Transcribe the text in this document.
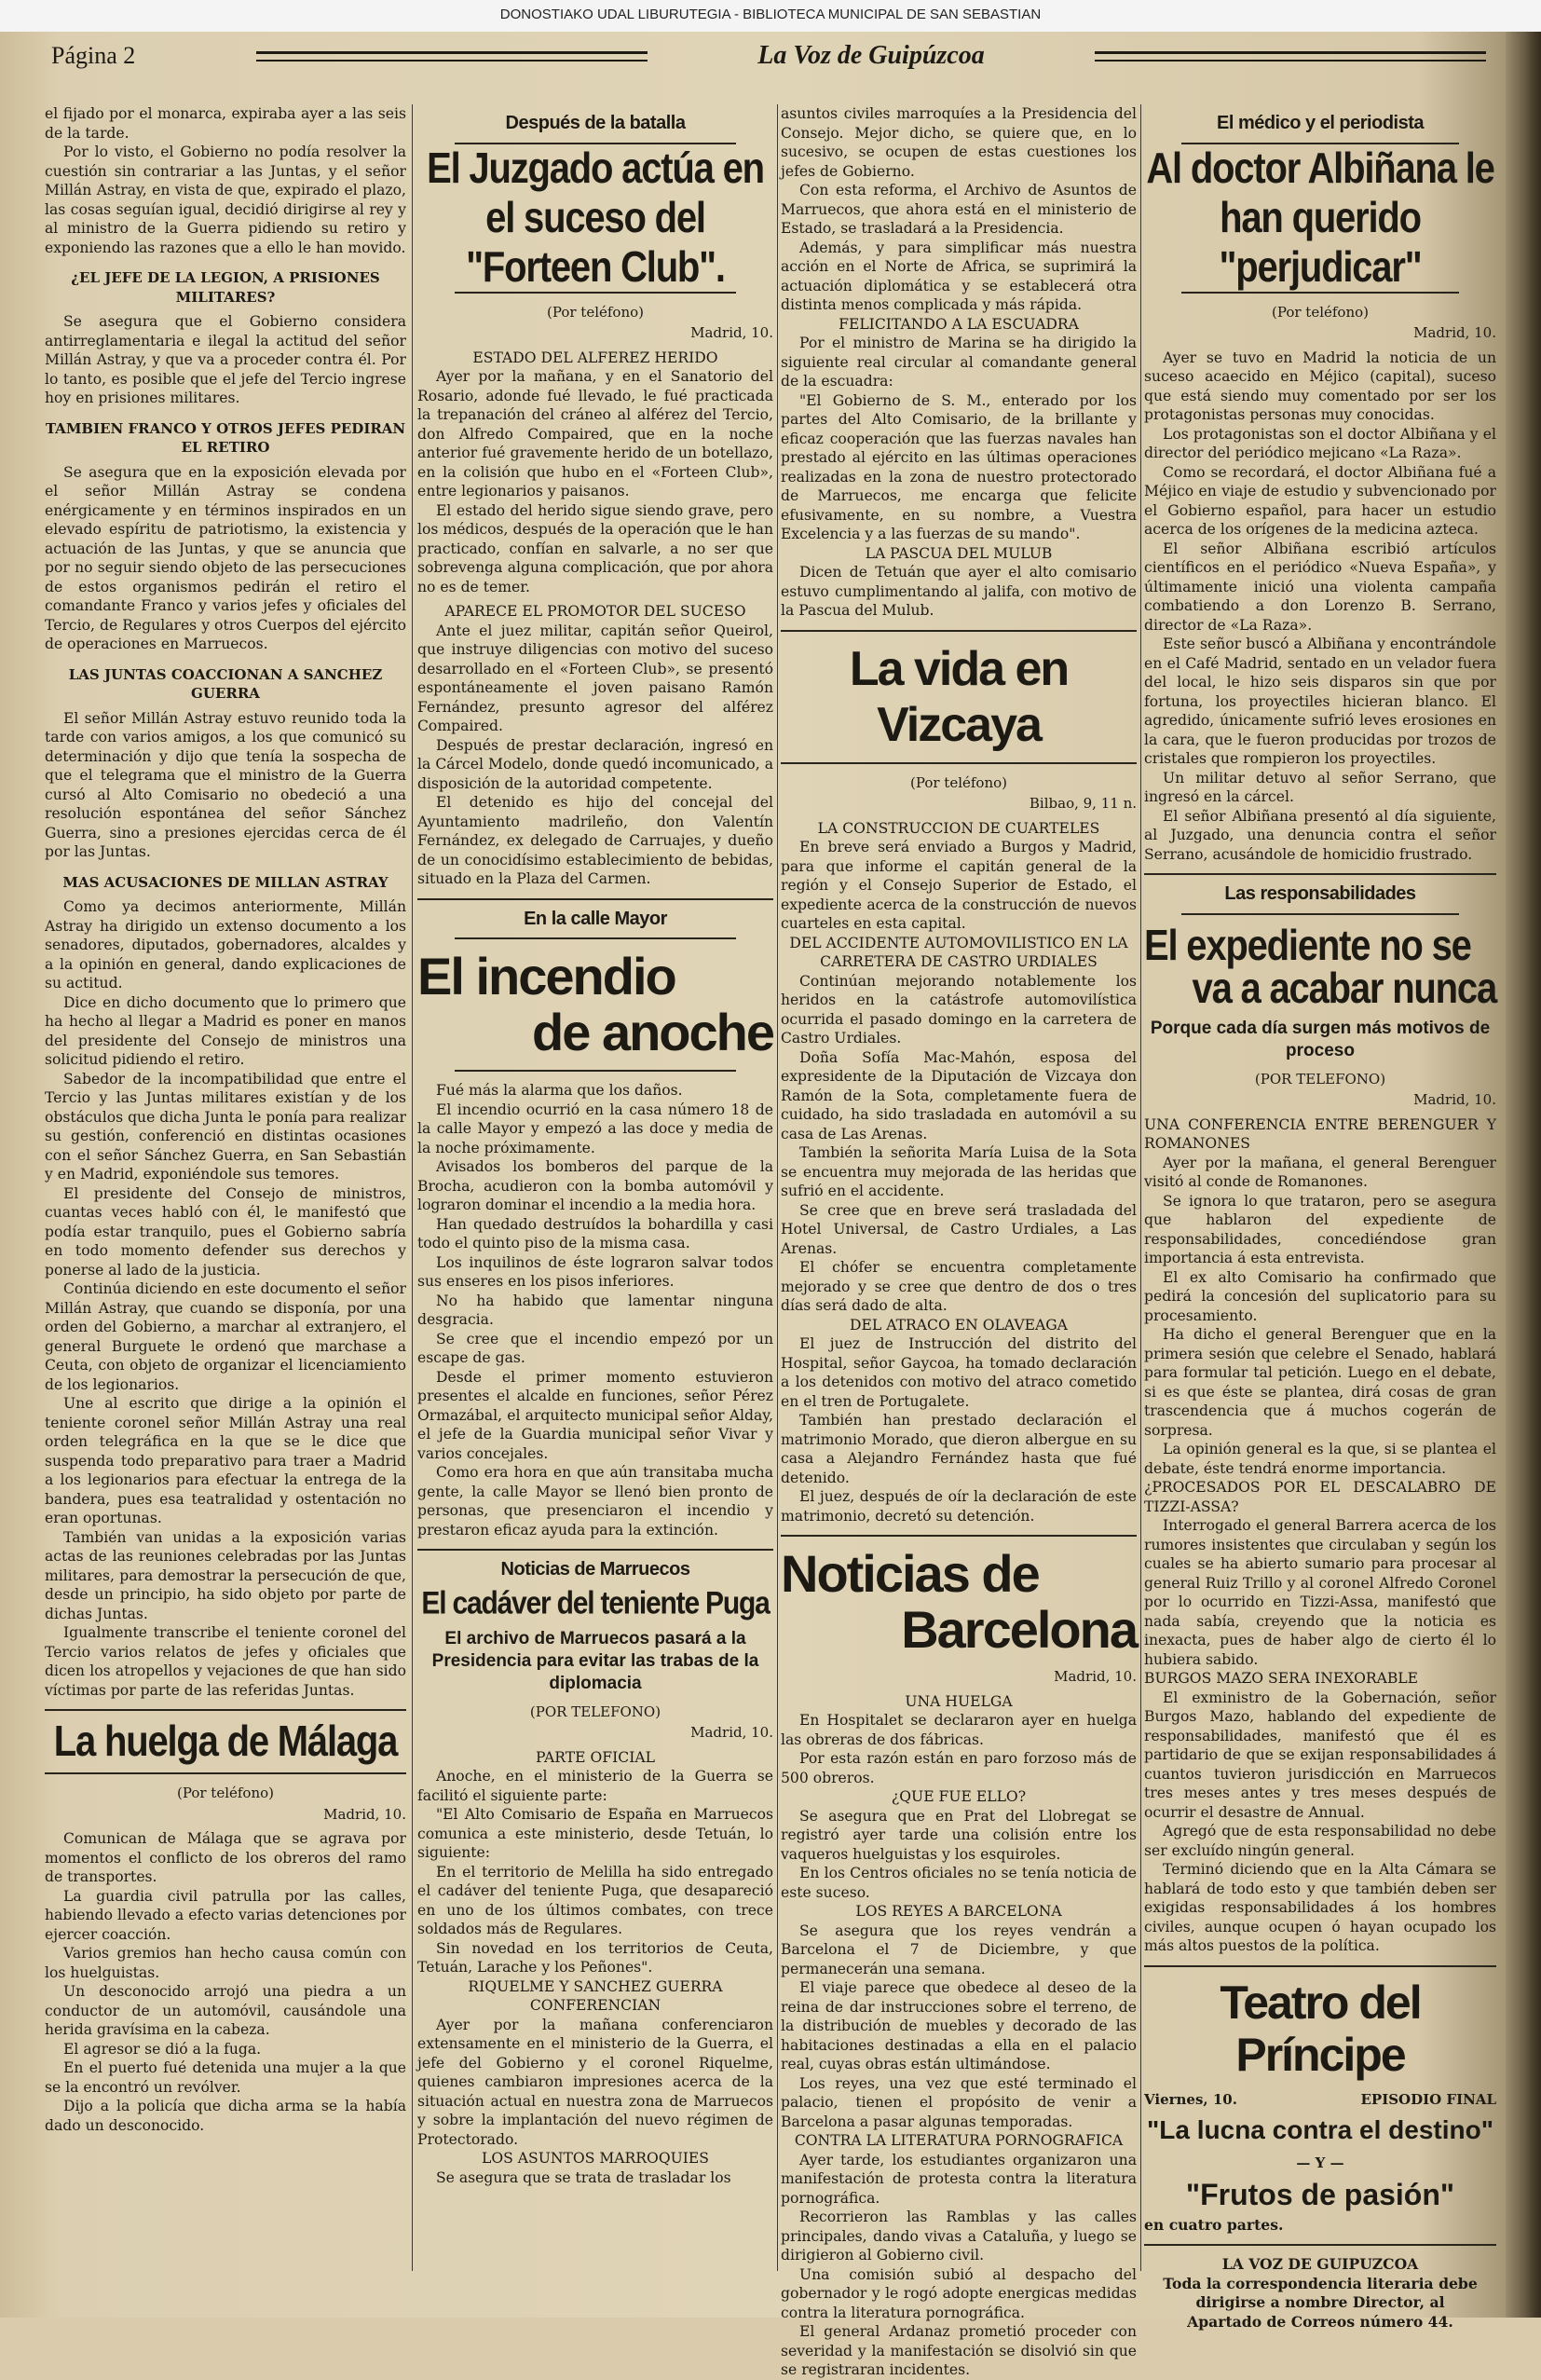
DONOSTIAKO UDAL LIBURUTEGIA - BIBLIOTECA MUNICIPAL DE SAN SEBASTIAN
Página 2	La Voz de Guipúzcoa

el fijado por el monarca, expiraba ayer a las seis de la tarde.

Por lo visto, el Gobierno no podía resolver la cuestión sin contrariar a las Juntas, y el señor Millán Astray, en vista de que, expirado el plazo, las cosas seguían igual, decidió dirigirse al rey y al ministro de la Guerra pidiendo su retiro y exponiendo las razones que a ello le han movido.

¿EL JEFE DE LA LEGION, A PRISIONES MILITARES?

Se asegura que el Gobierno considera antirreglamentaria e ilegal la actitud del señor Millán Astray, y que va a proceder contra él. Por lo tanto, es posible que el jefe del Tercio ingrese hoy en prisiones militares.

TAMBIEN FRANCO Y OTROS JEFES PEDIRAN EL RETIRO

Se asegura que en la exposición elevada por el señor Millán Astray se condena enérgicamente y en términos inspirados en un elevado espíritu de patriotismo, la existencia y actuación de las Juntas, y que se anuncia que por no seguir siendo objeto de las persecuciones de estos organismos pedirán el retiro el comandante Franco y varios jefes y oficiales del Tercio, de Regulares y otros Cuerpos del ejército de operaciones en Marruecos.

LAS JUNTAS COACCIONAN A SANCHEZ GUERRA

El señor Millán Astray estuvo reunido toda la tarde con varios amigos, a los que comunicó su determinación y dijo que tenía la sospecha de que el telegrama que el ministro de la Guerra cursó al Alto Comisario no obedeció a una resolución espontánea del señor Sánchez Guerra, sino a presiones ejercidas cerca de él por las Juntas.

MAS ACUSACIONES DE MILLAN ASTRAY

Como ya decimos anteriormente, Millán Astray ha dirigido un extenso documento a los senadores, diputados, gobernadores, alcaldes y a la opinión en general, dando explicaciones de su actitud.

Dice en dicho documento que lo primero que ha hecho al llegar a Madrid es poner en manos del presidente del Consejo de ministros una solicitud pidiendo el retiro.

Sabedor de la incompatibilidad que entre el Tercio y las Juntas militares existían y de los obstáculos que dicha Junta le ponía para realizar su gestión, conferenció en distintas ocasiones con el señor Sánchez Guerra, en San Sebastián y en Madrid, exponiéndole sus temores.

El presidente del Consejo de ministros, cuantas veces habló con él, le manifestó que podía estar tranquilo, pues el Gobierno sabría en todo momento defender sus derechos y ponerse al lado de la justicia.

Continúa diciendo en este documento el señor Millán Astray, que cuando se disponía, por una orden del Gobierno, a marchar al extranjero, el general Burguete le ordenó que marchase a Ceuta, con objeto de organizar el licenciamiento de los legionarios.

Une al escrito que dirige a la opinión el teniente coronel señor Millán Astray una real orden telegráfica en la que se le dice que suspenda todo preparativo para traer a Madrid a los legionarios para efectuar la entrega de la bandera, pues esa teatralidad y ostentación no eran oportunas.

También van unidas a la exposición varias actas de las reuniones celebradas por las Juntas militares, para demostrar la persecución de que, desde un principio, ha sido objeto por parte de dichas Juntas.

Igualmente transcribe el teniente coronel del Tercio varios relatos de jefes y oficiales que dicen los atropellos y vejaciones de que han sido víctimas por parte de las referidas Juntas.

La huelga de Málaga
(Por teléfono)
Madrid, 10.

Comunican de Málaga que se agrava por momentos el conflicto de los obreros del ramo de transportes.

La guardia civil patrulla por las calles, habiendo llevado a efecto varias detenciones por ejercer coacción.

Varios gremios han hecho causa común con los huelguistas.

Un desconocido arrojó una piedra a un conductor de un automóvil, causándole una herida gravísima en la cabeza.

El agresor se dió a la fuga.

En el puerto fué detenida una mujer a la que se la encontró un revólver.

Dijo a la policía que dicha arma se la había dado un desconocido.

Después de la batalla
El Juzgado actúa en el suceso del "Forteen Club".
(Por teléfono)
Madrid, 10.

ESTADO DEL ALFEREZ HERIDO

Ayer por la mañana, y en el Sanatorio del Rosario, adonde fué llevado, le fué practicada la trepanación del cráneo al alférez del Tercio, don Alfredo Compaired, que en la noche anterior fué gravemente herido de un botellazo, en la colisión que hubo en el «Forteen Club», entre legionarios y paisanos.

El estado del herido sigue siendo grave, pero los médicos, después de la operación que le han practicado, confían en salvarle, a no ser que sobrevenga alguna complicación, que por ahora no es de temer.

APARECE EL PROMOTOR DEL SUCESO

Ante el juez militar, capitán señor Queirol, que instruye diligencias con motivo del suceso desarrollado en el «Forteen Club», se presentó espontáneamente el joven paisano Ramón Fernández, presunto agresor del alférez Compaired.

Después de prestar declaración, ingresó en la Cárcel Modelo, donde quedó incomunicado, a disposición de la autoridad competente.

El detenido es hijo del concejal del Ayuntamiento madrileño, don Valentín Fernández, ex delegado de Carruajes, y dueño de un conocidísimo establecimiento de bebidas, situado en la Plaza del Carmen.

En la calle Mayor
El incendio
de anoche

Fué más la alarma que los daños.

El incendio ocurrió en la casa número 18 de la calle Mayor y empezó a las doce y media de la noche próximamente.

Avisados los bomberos del parque de la Brocha, acudieron con la bomba automóvil y lograron dominar el incendio a la media hora.

Han quedado destruídos la bohardilla y casi todo el quinto piso de la misma casa.

Los inquilinos de éste lograron salvar todos sus enseres en los pisos inferiores.

No ha habido que lamentar ninguna desgracia.

Se cree que el incendio empezó por un escape de gas.

Desde el primer momento estuvieron presentes el alcalde en funciones, señor Pérez Ormazábal, el arquitecto municipal señor Alday, el jefe de la Guardia municipal señor Vivar y varios concejales.

Como era hora en que aún transitaba mucha gente, la calle Mayor se llenó bien pronto de personas, que presenciaron el incendio y prestaron eficaz ayuda para la extinción.

Noticias de Marruecos
El cadáver del teniente Puga
El archivo de Marruecos pasará a la Presidencia para evitar las trabas de la diplomacia
(POR TELEFONO)
Madrid, 10.

PARTE OFICIAL

Anoche, en el ministerio de la Guerra se facilitó el siguiente parte:

"El Alto Comisario de España en Marruecos comunica a este ministerio, desde Tetuán, lo siguiente:

En el territorio de Melilla ha sido entregado el cadáver del teniente Puga, que desapareció en uno de los últimos combates, con trece soldados más de Regulares.

Sin novedad en los territorios de Ceuta, Tetuán, Larache y los Peñones".

RIQUELME Y SANCHEZ GUERRA CONFERENCIAN

Ayer por la mañana conferenciaron extensamente en el ministerio de la Guerra, el jefe del Gobierno y el coronel Riquelme, quienes cambiaron impresiones acerca de la situación actual en nuestra zona de Marruecos y sobre la implantación del nuevo régimen de Protectorado.

LOS ASUNTOS MARROQUIES

Se asegura que se trata de trasladar los

asuntos civiles marroquíes a la Presidencia del Consejo. Mejor dicho, se quiere que, en lo sucesivo, se ocupen de estas cuestiones los jefes de Gobierno.

Con esta reforma, el Archivo de Asuntos de Marruecos, que ahora está en el ministerio de Estado, se trasladará a la Presidencia.

Además, y para simplificar más nuestra acción en el Norte de Africa, se suprimirá la actuación diplomática y se establecerá otra distinta menos complicada y más rápida.

FELICITANDO A LA ESCUADRA

Por el ministro de Marina se ha dirigido la siguiente real circular al comandante general de la escuadra:

"El Gobierno de S. M., enterado por los partes del Alto Comisario, de la brillante y eficaz cooperación que las fuerzas navales han prestado al ejército en las últimas operaciones realizadas en la zona de nuestro protectorado de Marruecos, me encarga que felicite efusivamente, en su nombre, a Vuestra Excelencia y a las fuerzas de su mando".

LA PASCUA DEL MULUB

Dicen de Tetuán que ayer el alto comisario estuvo cumplimentando al jalifa, con motivo de la Pascua del Mulub.

La vida en Vizcaya
(Por teléfono)
Bilbao, 9, 11 n.

LA CONSTRUCCION DE CUARTELES

En breve será enviado a Burgos y Madrid, para que informe el capitán general de la región y el Consejo Superior de Estado, el expediente acerca de la construcción de nuevos cuarteles en esta capital.

DEL ACCIDENTE AUTOMOVILISTICO EN LA CARRETERA DE CASTRO URDIALES

Continúan mejorando notablemente los heridos en la catástrofe automovilística ocurrida el pasado domingo en la carretera de Castro Urdiales.

Doña Sofía Mac-Mahón, esposa del expresidente de la Diputación de Vizcaya don Ramón de la Sota, completamente fuera de cuidado, ha sido trasladada en automóvil a su casa de Las Arenas.

También la señorita María Luisa de la Sota se encuentra muy mejorada de las heridas que sufrió en el accidente.

Se cree que en breve será trasladada del Hotel Universal, de Castro Urdiales, a Las Arenas.

El chófer se encuentra completamente mejorado y se cree que dentro de dos o tres días será dado de alta.

DEL ATRACO EN OLAVEAGA

El juez de Instrucción del distrito del Hospital, señor Gaycoa, ha tomado declaración a los detenidos con motivo del atraco cometido en el tren de Portugalete.

También han prestado declaración el matrimonio Morado, que dieron albergue en su casa a Alejandro Fernández hasta que fué detenido.

El juez, después de oír la declaración de este matrimonio, decretó su detención.

Noticias de
Barcelona
Madrid, 10.

UNA HUELGA

En Hospitalet se declararon ayer en huelga las obreras de dos fábricas.

Por esta razón están en paro forzoso más de 500 obreros.

¿QUE FUE ELLO?

Se asegura que en Prat del Llobregat se registró ayer tarde una colisión entre los vaqueros huelguistas y los esquiroles.

En los Centros oficiales no se tenía noticia de este suceso.

LOS REYES A BARCELONA

Se asegura que los reyes vendrán a Barcelona el 7 de Diciembre, y que permanecerán una semana.

El viaje parece que obedece al deseo de la reina de dar instrucciones sobre el terreno, de la distribución de muebles y decorado de las habitaciones destinadas a ella en el palacio real, cuyas obras están ultimándose.

Los reyes, una vez que esté terminado el palacio, tienen el propósito de venir a Barcelona a pasar algunas temporadas.

CONTRA LA LITERATURA PORNOGRAFICA

Ayer tarde, los estudiantes organizaron una manifestación de protesta contra la literatura pornográfica.

Recorrieron las Ramblas y las calles principales, dando vivas a Cataluña, y luego se dirigieron al Gobierno civil.

Una comisión subió al despacho del gobernador y le rogó adopte energicas medidas contra la literatura pornográfica.

El general Ardanaz prometió proceder con severidad y la manifestación se disolvió sin que se registraran incidentes.

El médico y el periodista
Al doctor Albiñana le han querido "perjudicar"
(Por teléfono)
Madrid, 10.

Ayer se tuvo en Madrid la noticia de un suceso acaecido en Méjico (capital), suceso que está siendo muy comentado por ser los protagonistas personas muy conocidas.

Los protagonistas son el doctor Albiñana y el director del periódico mejicano «La Raza».

Como se recordará, el doctor Albiñana fué a Méjico en viaje de estudio y subvencionado por el Gobierno español, para hacer un estudio acerca de los orígenes de la medicina azteca.

El señor Albiñana escribió artículos científicos en el periódico «Nueva España», y últimamente inició una violenta campaña combatiendo a don Lorenzo B. Serrano, director de «La Raza».

Este señor buscó a Albiñana y encontrándole en el Café Madrid, sentado en un velador fuera del local, le hizo seis disparos sin que por fortuna, los proyectiles hicieran blanco. El agredido, únicamente sufrió leves erosiones en la cara, que le fueron producidas por trozos de cristales que rompieron los proyectiles.

Un militar detuvo al señor Serrano, que ingresó en la cárcel.

El señor Albiñana presentó al día siguiente, al Juzgado, una denuncia contra el señor Serrano, acusándole de homicidio frustrado.

Las responsabilidades
El expediente no se
va a acabar nunca
Porque cada día surgen más motivos de proceso
(POR TELEFONO)
Madrid, 10.

UNA CONFERENCIA ENTRE BERENGUER Y ROMANONES

Ayer por la mañana, el general Berenguer visitó al conde de Romanones.

Se ignora lo que trataron, pero se asegura que hablaron del expediente de responsabilidades, concediéndose gran importancia á esta entrevista.

El ex alto Comisario ha confirmado que pedirá la concesión del suplicatorio para su procesamiento.

Ha dicho el general Berenguer que en la primera sesión que celebre el Senado, hablará para formular tal petición. Luego en el debate, si es que éste se plantea, dirá cosas de gran trascendencia que á muchos cogerán de sorpresa.

La opinión general es la que, si se plantea el debate, éste tendrá enorme importancia.

¿PROCESADOS POR EL DESCALABRO DE TIZZI-ASSA?

Interrogado el general Barrera acerca de los rumores insistentes que circulaban y según los cuales se ha abierto sumario para procesar al general Ruiz Trillo y al coronel Alfredo Coronel por lo ocurrido en Tizzi-Assa, manifestó que nada sabía, creyendo que la noticia es inexacta, pues de haber algo de cierto él lo hubiera sabido.

BURGOS MAZO SERA INEXORABLE

El exministro de la Gobernación, señor Burgos Mazo, hablando del expediente de responsabilidades, manifestó que él es partidario de que se exijan responsabilidades á cuantos tuvieron jurisdicción en Marruecos tres meses antes y tres meses después de ocurrir el desastre de Annual.

Agregó que de esta responsabilidad no debe ser excluído ningún general.

Terminó diciendo que en la Alta Cámara se hablará de todo esto y que también deben ser exigidas responsabilidades á los hombres civiles, aunque ocupen ó hayan ocupado los más altos puestos de la política.

Teatro del Príncipe
Viernes, 10.	EPISODIO FINAL
"La lucna contra el destino"
— Y —
"Frutos de pasión"

en cuatro partes.

LA VOZ DE GUIPUZCOA

Toda la correspondencia literaria debe dirigirse a nombre Director, al Apartado de Correos número 44.
